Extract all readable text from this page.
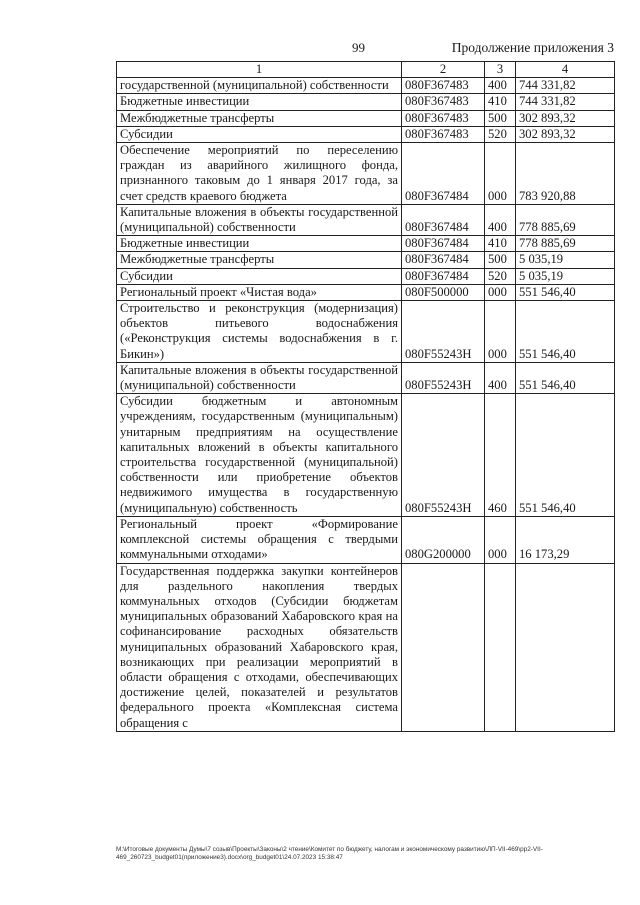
99	Продолжение приложения 3
1	2	3	4
государственной (муниципальной) собственности	080F367483	400	744 331,82
Бюджетные инвестиции	080F367483	410	744 331,82
Межбюджетные трансферты	080F367483	500	302 893,32
Субсидии	080F367483	520	302 893,32
Обеспечение мероприятий по переселению граждан из аварийного жилищного фонда, признанного таковым до 1 января 2017 года, за счет средств краевого бюджета	080F367484	000	783 920,88
Капитальные вложения в объекты государственной (муниципальной) собственности	080F367484	400	778 885,69
Бюджетные инвестиции	080F367484	410	778 885,69
Межбюджетные трансферты	080F367484	500	5 035,19
Субсидии	080F367484	520	5 035,19
Региональный проект «Чистая вода»	080F500000	000	551 546,40
Строительство и реконструкция (модернизация) объектов питьевого водоснабжения («Реконструкция системы водоснабжения в г. Бикин»)	080F55243H	000	551 546,40
Капитальные вложения в объекты государственной (муниципальной) собственности	080F55243H	400	551 546,40
Субсидии бюджетным и автономным учреждениям, государственным (муниципальным) унитарным предприятиям на осуществление капитальных вложений в объекты капитального строительства государственной (муниципальной) собственности или приобретение объектов недвижимого имущества в государственную (муниципальную) собственность	080F55243H	460	551 546,40
Региональный проект «Формирование комплексной системы обращения с твердыми коммунальными отходами»	080G200000	000	16 173,29
Государственная поддержка закупки контейнеров для раздельного накопления твердых коммунальных отходов (Субсидии бюджетам муниципальных образований Хабаровского края на софинансирование расходных обязательств муниципальных образований Хабаровского края, возникающих при реализации мероприятий в области обращения с отходами, обеспечивающих достижение целей, показателей и результатов федерального проекта «Комплексная система обращения с			
M:\Итоговые документы Думы\7 созыв\Проекты\Законы\2 чтение\Комитет по бюджету, налогам и экономическому развитию\ЛП-VII-469\рр2-VII-469_260723_budget01(приложение3).docx\org_budget01\24.07.2023 15:38:47
